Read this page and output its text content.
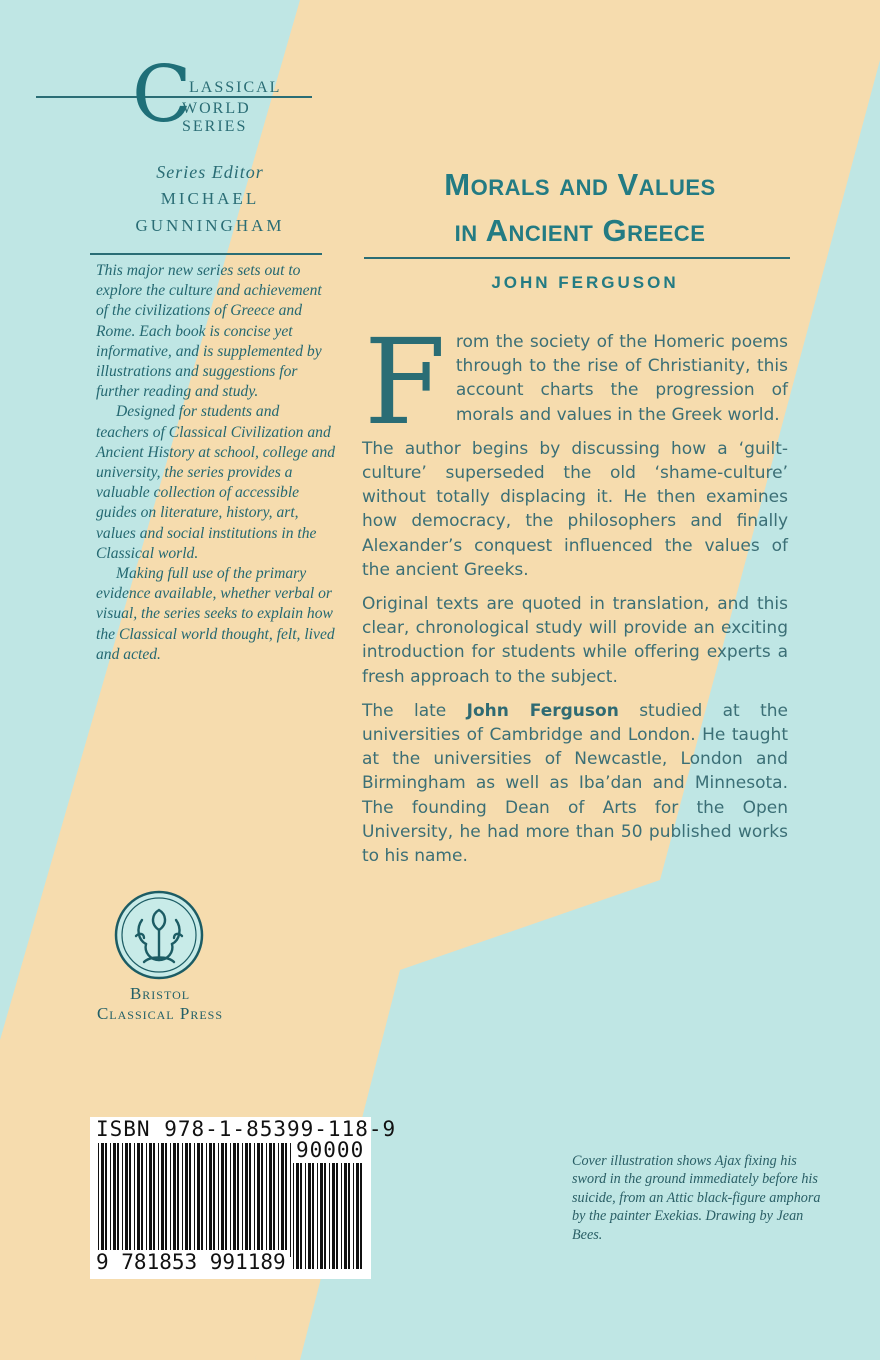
C
LASSICAL
WORLD SERIES
Series Editor
MICHAEL
GUNNINGHAM

This major new series sets out to explore the culture and achievement of the civilizations of Greece and Rome. Each book is concise yet informative, and is supplemented by illustrations and suggestions for further reading and study.

Designed for students and teachers of Classical Civilization and Ancient History at school, college and university, the series provides a valuable collection of accessible guides on literature, history, art, values and social institutions in the Classical world.

Making full use of the primary evidence available, whether verbal or visual, the series seeks to explain how the Classical world thought, felt, lived and acted.

Morals and Values
in Ancient Greece
JOHN FERGUSON

From the society of the Homeric poems through to the rise of Christianity, this account charts the progression of morals and values in the Greek world.

The author begins by discussing how a ‘guilt-culture’ superseded the old ‘shame-culture’ without totally displacing it. He then examines how democracy, the philosophers and finally Alexander’s conquest influenced the values of the ancient Greeks.

Original texts are quoted in translation, and this clear, chronological study will provide an exciting introduction for students while offering experts a fresh approach to the subject.

The late John Ferguson studied at the universities of Cambridge and London. He taught at the universities of Newcastle, London and Birmingham as well as Iba’dan and Minnesota. The founding Dean of Arts for the Open University, he had more than 50 published works to his name.

Bristol
Classical Press
ISBN 978-1-85399-118-9
90000
9 781853 991189
Cover illustration shows Ajax fixing his sword in the ground immediately before his suicide, from an Attic black-figure amphora by the painter Exekias. Drawing by Jean Bees.
